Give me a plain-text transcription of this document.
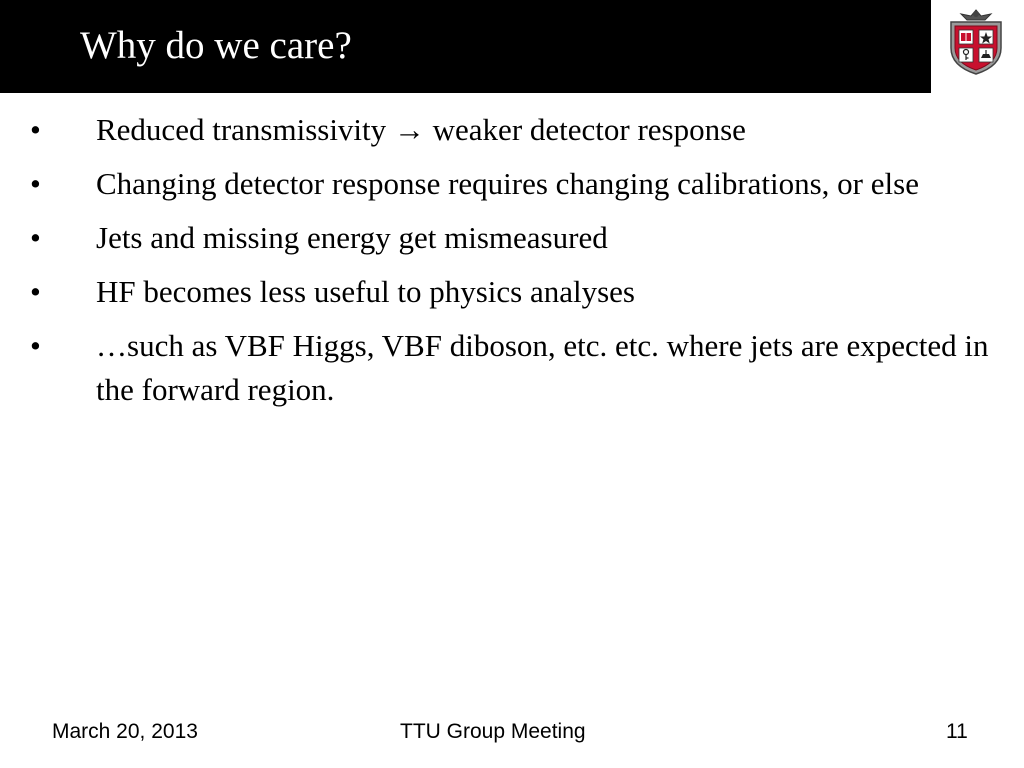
Why do we care?
•	Reduced transmissivity → weaker detector response
•	Changing detector response requires changing calibrations, or else
•	Jets and missing energy get mismeasured
•	HF becomes less useful to physics analyses
•	…such as VBF Higgs, VBF diboson, etc. etc. where jets are expected in the forward region.
March 20, 2013	TTU Group Meeting	11
